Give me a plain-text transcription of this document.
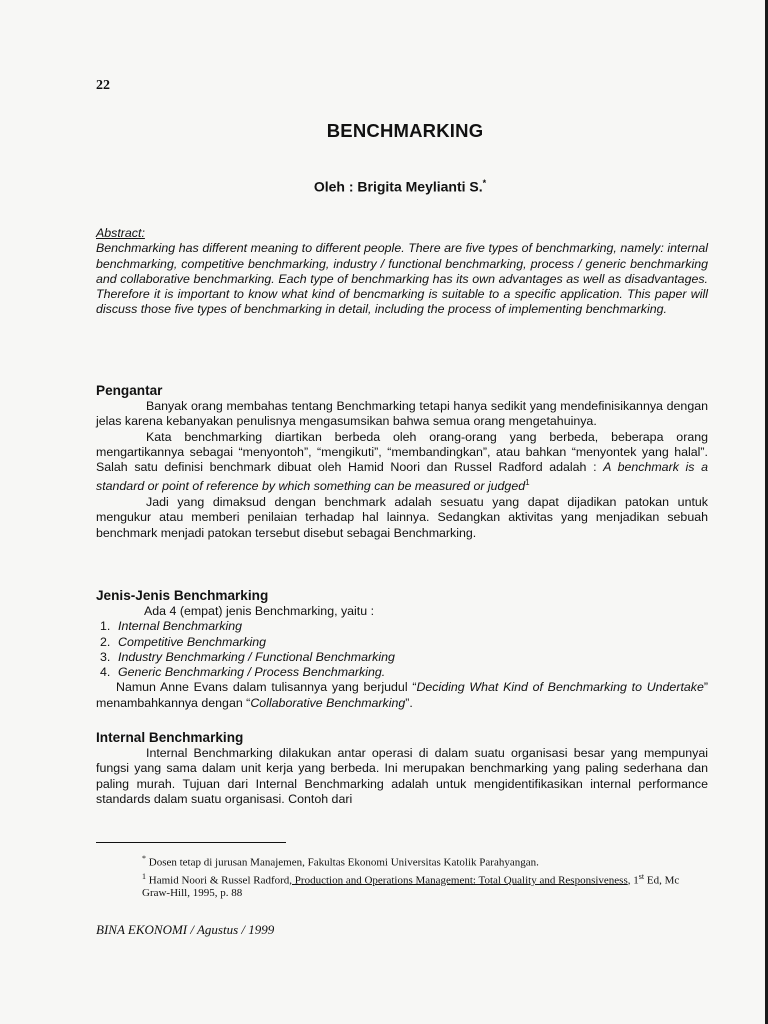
22
BENCHMARKING
Oleh : Brigita Meylianti S.*
Abstract:
Benchmarking has different meaning to different people. There are five types of benchmarking, namely: internal benchmarking, competitive benchmarking, industry / functional benchmarking, process / generic benchmarking and collaborative benchmarking. Each type of benchmarking has its own advantages as well as disadvantages. Therefore it is important to know what kind of bencmarking is suitable to a specific application. This paper will discuss those five types of benchmarking in detail, including the process of implementing benchmarking.
Pengantar

Banyak orang membahas tentang Benchmarking tetapi hanya sedikit yang mendefinisikannya dengan jelas karena kebanyakan penulisnya mengasumsikan bahwa semua orang mengetahuinya.

Kata benchmarking diartikan berbeda oleh orang-orang yang berbeda, beberapa orang mengartikannya sebagai “menyontoh”, “mengikuti”, “membandingkan”, atau bahkan “menyontek yang halal”. Salah satu definisi benchmark dibuat oleh Hamid Noori dan Russel Radford adalah : A benchmark is a standard or point of reference by which something can be measured or judged$^1$

Jadi yang dimaksud dengan benchmark adalah sesuatu yang dapat dijadikan patokan untuk mengukur atau memberi penilaian terhadap hal lainnya. Sedangkan aktivitas yang menjadikan sebuah benchmark menjadi patokan tersebut disebut sebagai Benchmarking.

Jenis-Jenis Benchmarking
Ada 4 (empat) jenis Benchmarking, yaitu :
1. Internal Benchmarking
2. Competitive Benchmarking
3. Industry Benchmarking / Functional Benchmarking
4. Generic Benchmarking / Process Benchmarking.

Namun Anne Evans dalam tulisannya yang berjudul “Deciding What Kind of Benchmarking to Undertake” menambahkannya dengan “Collaborative Benchmarking”.

Internal Benchmarking

Internal Benchmarking dilakukan antar operasi di dalam suatu organisasi besar yang mempunyai fungsi yang sama dalam unit kerja yang berbeda. Ini merupakan benchmarking yang paling sederhana dan paling murah. Tujuan dari Internal Benchmarking adalah untuk mengidentifikasikan internal performance standards dalam suatu organisasi. Contoh dari

* Dosen tetap di jurusan Manajemen, Fakultas Ekonomi Universitas Katolik Parahyangan.
$^1$ Hamid Noori & Russel Radford, Production and Operations Management: Total Quality and Responsiveness, 1st Ed, Mc Graw-Hill, 1995, p. 88
BINA EKONOMI / Agustus / 1999
